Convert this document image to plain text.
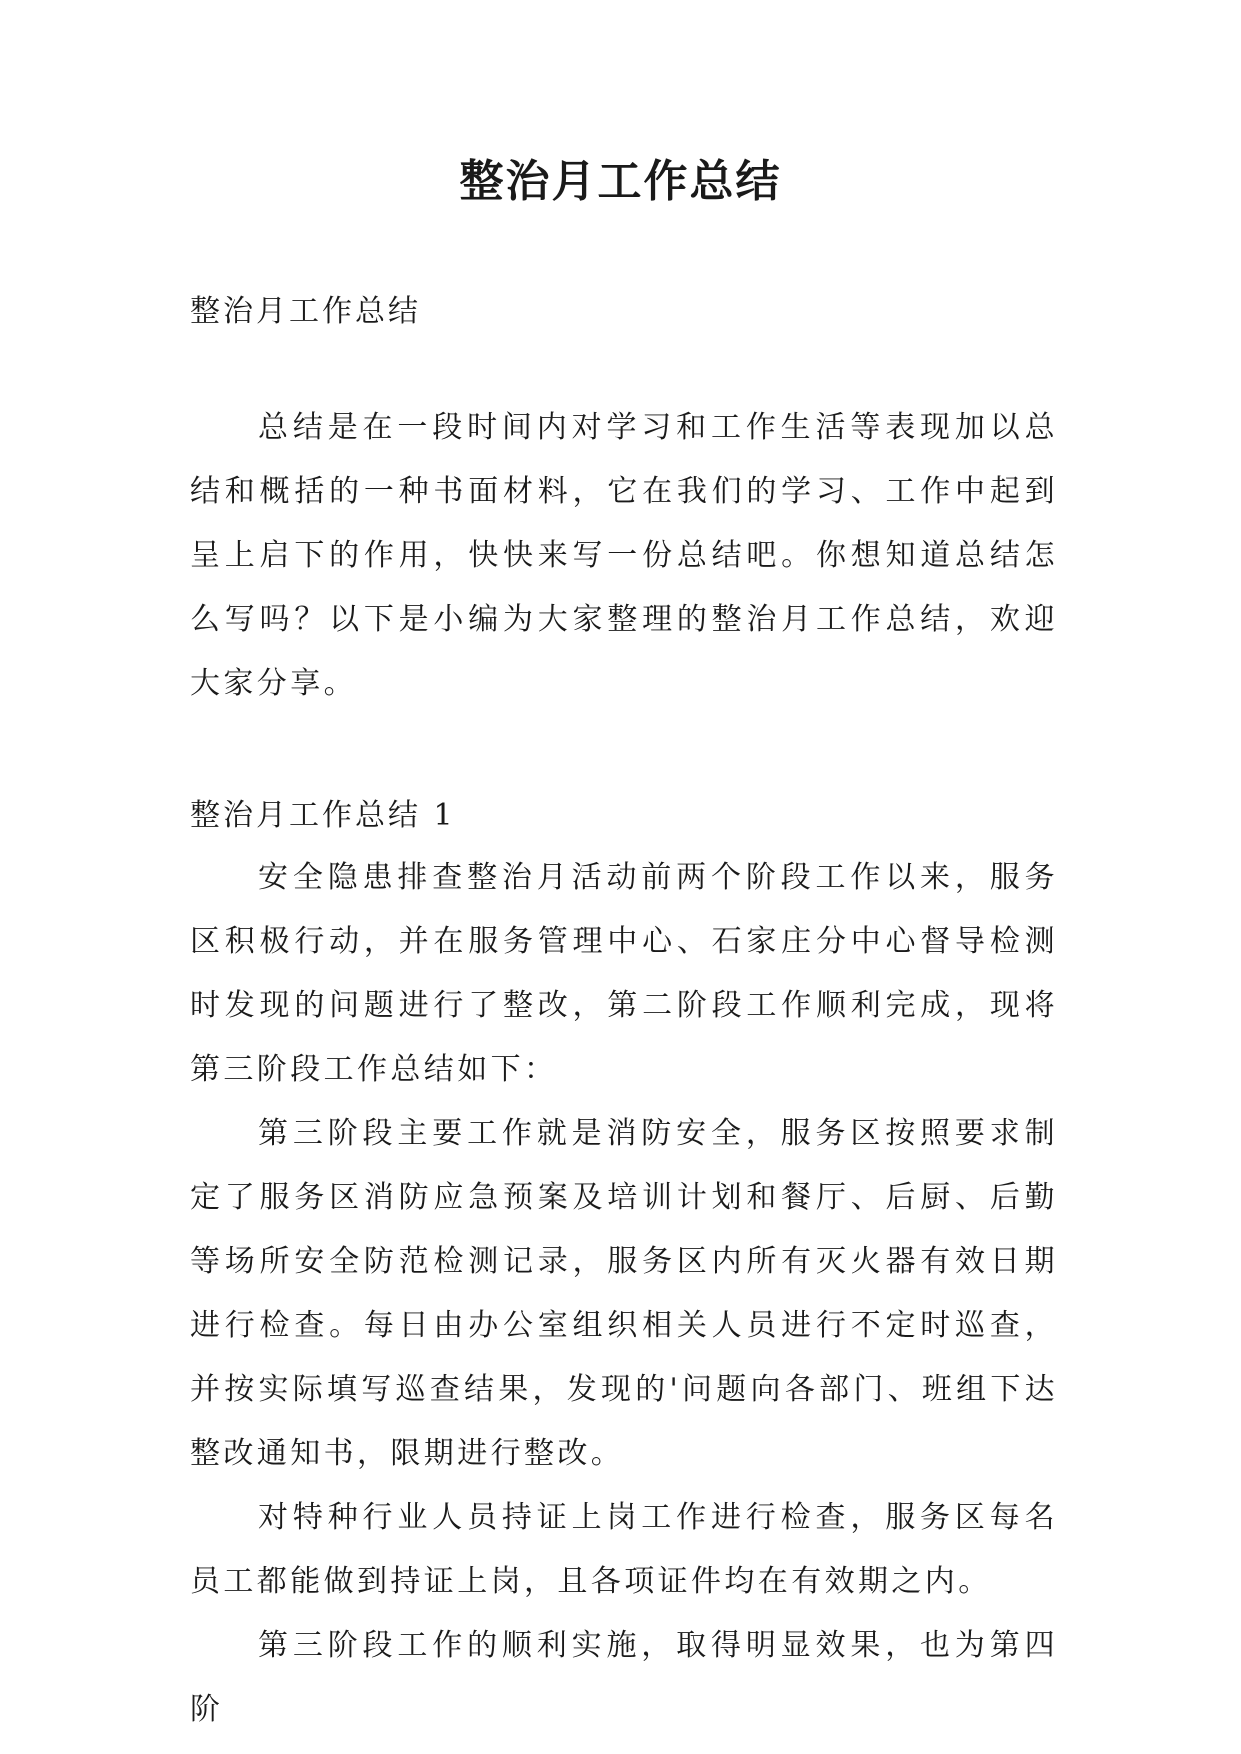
整治月工作总结

整治月工作总结

总结是在一段时间内对学习和工作生活等表现加以总结和概括的一种书面材料，它在我们的学习、工作中起到呈上启下的作用，快快来写一份总结吧。你想知道总结怎么写吗？以下是小编为大家整理的整治月工作总结，欢迎大家分享。

整治月工作总结 1

安全隐患排查整治月活动前两个阶段工作以来，服务区积极行动，并在服务管理中心、石家庄分中心督导检测时发现的问题进行了整改，第二阶段工作顺利完成，现将第三阶段工作总结如下：

第三阶段主要工作就是消防安全，服务区按照要求制定了服务区消防应急预案及培训计划和餐厅、后厨、后勤等场所安全防范检测记录，服务区内所有灭火器有效日期进行检查。每日由办公室组织相关人员进行不定时巡查，并按实际填写巡查结果，发现的'问题向各部门、班组下达整改通知书，限期进行整改。

对特种行业人员持证上岗工作进行检查，服务区每名员工都能做到持证上岗，且各项证件均在有效期之内。

第三阶段工作的顺利实施，取得明显效果，也为第四阶
